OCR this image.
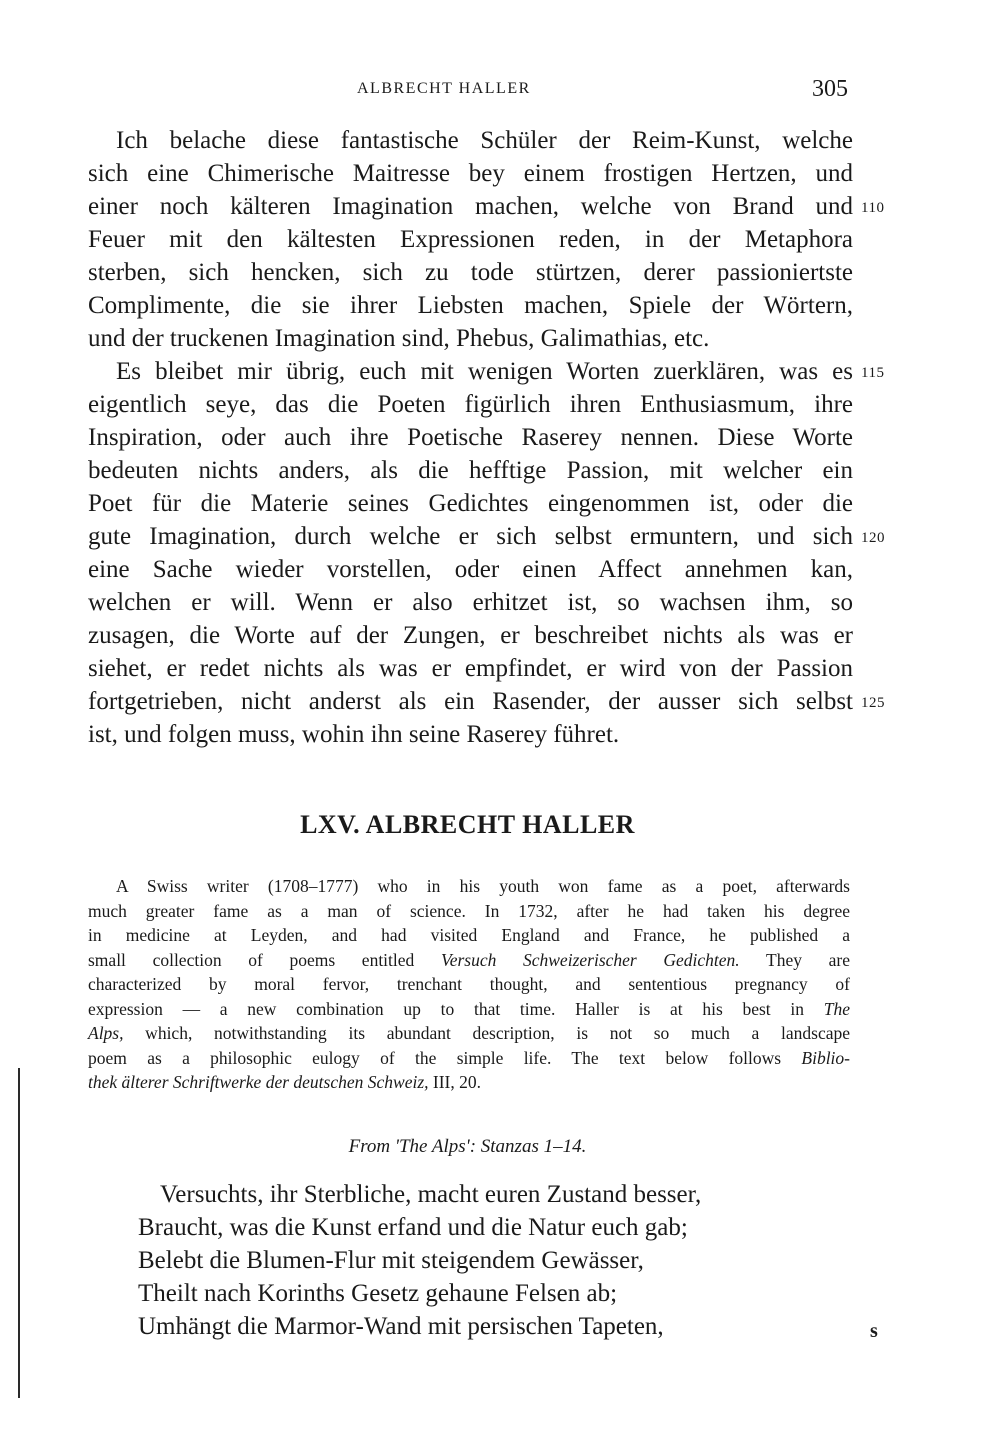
ALBRECHT HALLER	305
Ich belache diese fantastische Schüler der Reim-Kunst, welche
sich eine Chimerische Maitresse bey einem frostigen Hertzen, und
einer noch kälteren Imagination machen, welche von Brand und 110
Feuer mit den kältesten Expressionen reden, in der Metaphora
sterben, sich hencken, sich zu tode stürtzen, derer passioniertste
Complimente, die sie ihrer Liebsten machen, Spiele der Wörtern,
und der truckenen Imagination sind, Phebus, Galimathias, etc.
Es bleibet mir übrig, euch mit wenigen Worten zuerklären, was es 115
eigentlich seye, das die Poeten figürlich ihren Enthusiasmum, ihre
Inspiration, oder auch ihre Poetische Raserey nennen. Diese Worte
bedeuten nichts anders, als die hefftige Passion, mit welcher ein
Poet für die Materie seines Gedichtes eingenommen ist, oder die
gute Imagination, durch welche er sich selbst ermuntern, und sich 120
eine Sache wieder vorstellen, oder einen Affect annehmen kan,
welchen er will. Wenn er also erhitzet ist, so wachsen ihm, so
zusagen, die Worte auf der Zungen, er beschreibet nichts als was er
siehet, er redet nichts als was er empfindet, er wird von der Passion
fortgetrieben, nicht anderst als ein Rasender, der ausser sich selbst 125
ist, und folgen muss, wohin ihn seine Raserey führet.
LXV. ALBRECHT HALLER
A Swiss writer (1708–1777) who in his youth won fame as a poet, afterwards
much greater fame as a man of science. In 1732, after he had taken his degree
in medicine at Leyden, and had visited England and France, he published a
small collection of poems entitled Versuch Schweizerischer Gedichten. They are
characterized by moral fervor, trenchant thought, and sententious pregnancy of
expression — a new combination up to that time. Haller is at his best in The
Alps, which, notwithstanding its abundant description, is not so much a landscape
poem as a philosophic eulogy of the simple life. The text below follows Biblio-
thek älterer Schriftwerke der deutschen Schweiz, III, 20.
From 'The Alps': Stanzas 1–14.
Versuchts, ihr Sterbliche, macht euren Zustand besser,
Braucht, was die Kunst erfand und die Natur euch gab;
Belebt die Blumen-Flur mit steigendem Gewässer,
Theilt nach Korinths Gesetz gehaune Felsen ab;
Umhängt die Marmor-Wand mit persischen Tapeten,	s
